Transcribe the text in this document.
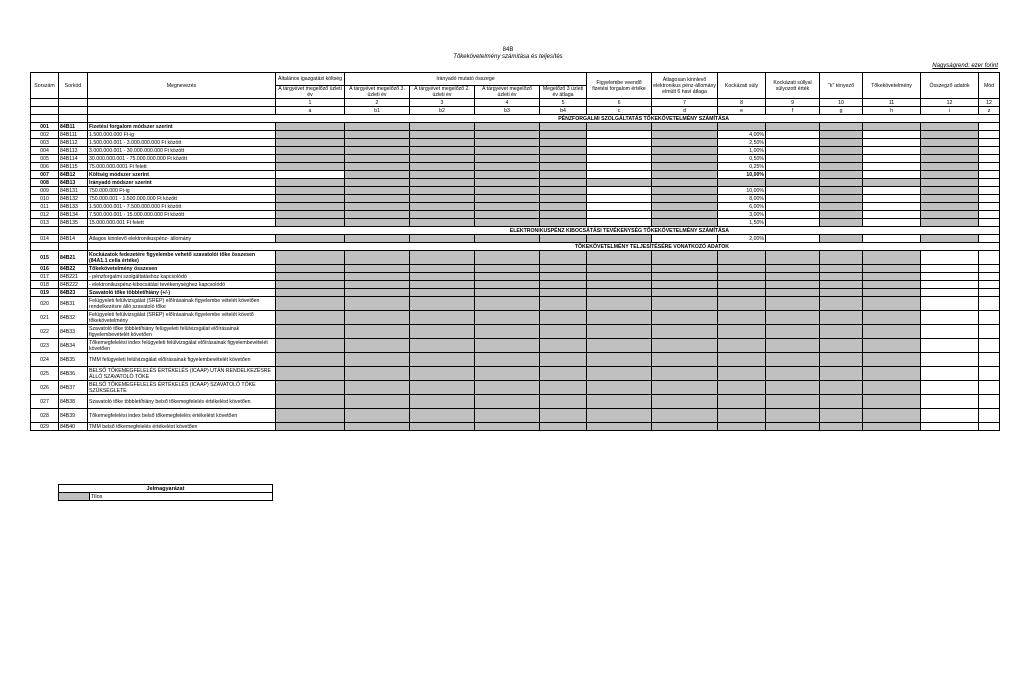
84B
Tőkekövetelmény számítása és teljesítés
Nagyságrend: ezer forint
Sorszám	Sorkód	Megnevezés	Általános igazgatási költség	Irányadó mutató összege				Figyelembe veendő fizetési forgalom értéke	Átlagosan kinnlevő elektronikus pénz-állomány elmúlt 6 havi átlaga	Kockázati súly	Kockázati súllyal súlyozott érték	"k" tényező	Tőkekövetelmény	Összegző adatok	Mód
			A tárgyévet megelőző üzleti év	A tárgyévet megelőző 3. üzleti év	A tárgyévet megelőző 2. üzleti év	A tárgyévet megelőző üzleti év	Megelőző 3 üzleti év átlaga								

			1	2	3	4	5	6	7	8	9	10	11	12	12
			a	b1	b2	b3	b4	c	d	e	f	g	h	i	z
		PÉNZFORGALMI SZOLGÁLTATÁS TŐKEKÖVETELMÉNY SZÁMÍTÁSA													
001	84B11	Fizetési forgalom módszer szerint													
002	84B111	1.500.000.000 Ft-ig								4,00%					
003	84B112	1.500.000.001 - 3.000.000.000 Ft között								2,50%					
004	84B113	3.000.000.001 - 30.000.000.000 Ft között								1,00%					
005	84B114	30.000.000.001 - 75.000.000.000 Ft között								0,50%					
006	84B115	75.000.000.0001 Ft felett								0,25%					
007	84B12	Költség módszer szerint								10,00%					
008	84B13	Irányadó módszer szerint													
009	84B131	750.000.000 Ft-ig								10,00%					
010	84B132	750.000.001 - 1.500.000.000 Ft között								8,00%					
011	84B133	1.500.000.001 - 7.500.000.000 Ft között								6,00%					
012	84B134	7.500.000.001 - 15.000.000.000 Ft között								3,00%					
013	84B135	15.000.000.001 Ft felett								1,50%					
		ELEKTRONIKUSPÉNZ KIBOCSÁTÁSI TEVÉKENYSÉG TŐKEKÖVETELMÉNY SZÁMÍTÁSA													
014	84B14	Átlagos kinnlevő elektronikuspénz- állomány								2,00%					
		TŐKEKÖVETELMÉNY TELJESÍTÉSÉRE VONATKOZÓ ADATOK													
015	84B21	Kockázatok fedezetére figyelembe vehető szavatolói tőke összesen (84A1.1 cella értéke)													
016	84B22	Tőkekövetelmény összesen													
017	84B221	- pénzforgalmi szolgáltatáshoz kapcsolódó													
018	84B222	- elektronikuspénz-kibocsátási tevékenységhez kapcsolódó													
019	84B23	Szavatoló tőke többlet/hiány (+/-)													
020	84B31	Felügyeleti felülvizsgálat (SREP) előírásainak figyelembe vételét követően rendelkezésre álló szavatoló tőke													
021	84B32	Felügyeleti felülvizsgálat (SREP) előírásainak figyelembe vételét követő tőkekövetelmény													
022	84B33	Szavatoló tőke többlet/hiány felügyeleti felülvizsgálat előírásainak figyelembevételét követően													
023	84B34	Tőkemegfelelési index felügyeleti felülvizsgálat előírásainak figyelembevételét követően													
024	84B35	TMM felügyeleti felülvizsgálat előírásainak figyelembevételét követően													
025	84B36	BELSŐ TŐKEMEGFELELÉS ÉRTÉKELÉS (ICAAP) UTÁN RENDELKEZÉSRE ÁLLÓ SZAVATOLÓ TŐKE													
026	84B37	BELSŐ TŐKEMEGFELELÉS ÉRTÉKELÉS (ICAAP) SZAVATOLÓ TŐKE SZÜKSÉGLETE													
027	84B38	Szavatoló tőke többlet/hiány belső tőkemegfelelés értékelést követően													
028	84B39	Tőkemegfelelési index belső tőkemegfelelés értékelést követően													
029	84B40	TMM belső tőkemegfelelés értékelést követően													
Jelmagyarázat
	Tilos
